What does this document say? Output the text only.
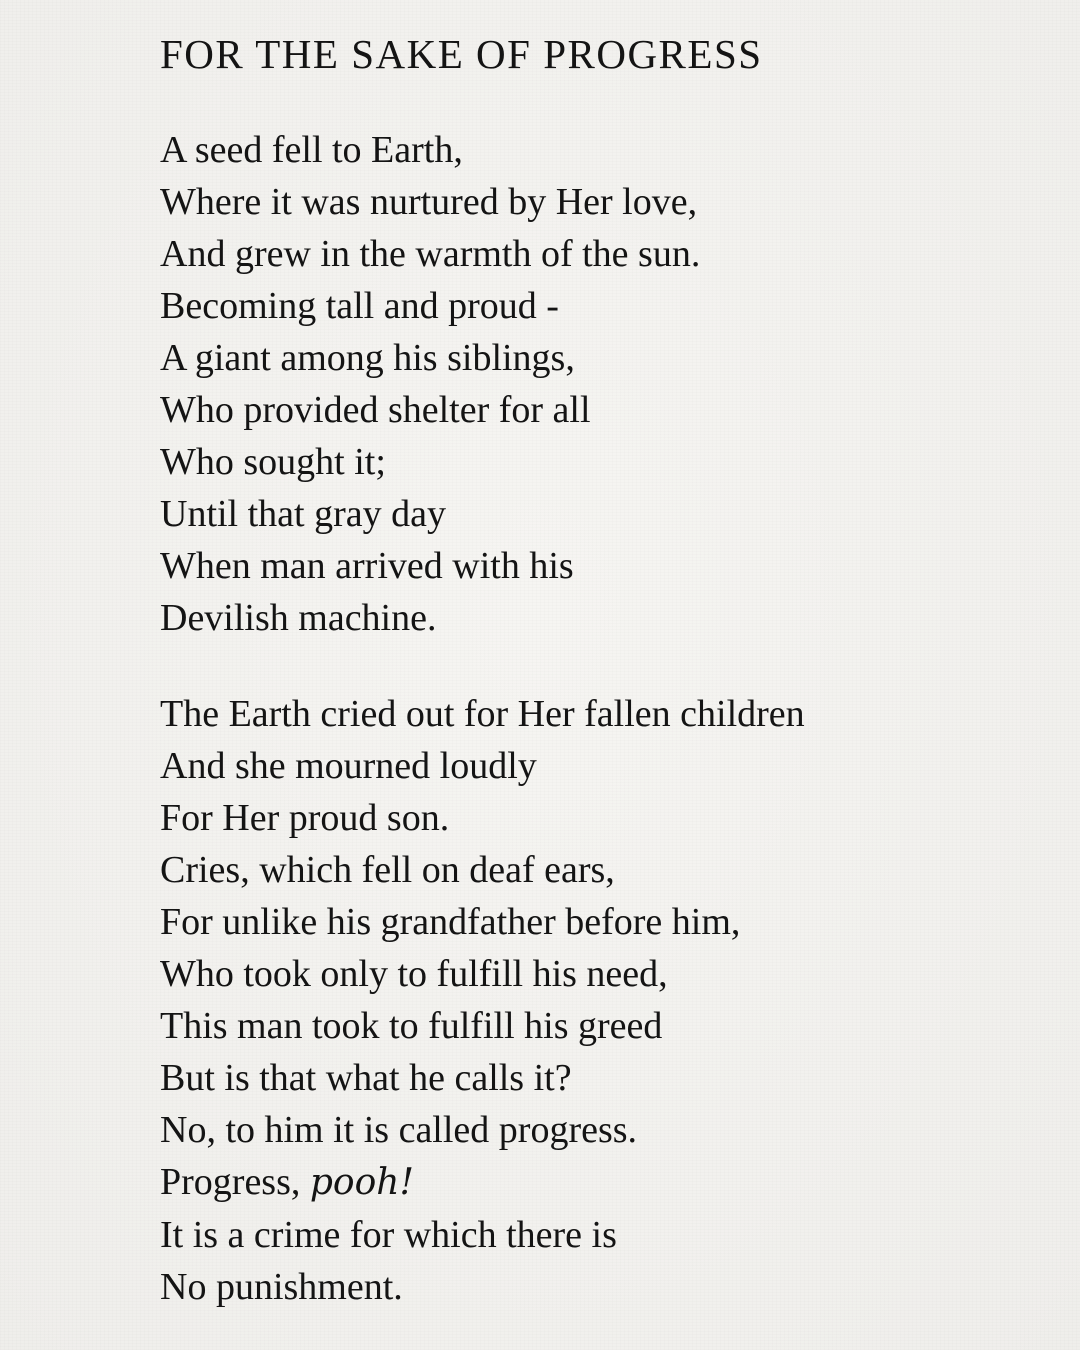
FOR THE SAKE OF PROGRESS
A seed fell to Earth,
Where it was nurtured by Her love,
And grew in the warmth of the sun.
Becoming tall and proud -
A giant among his siblings,
Who provided shelter for all
Who sought it;
Until that gray day
When man arrived with his
Devilish machine.
The Earth cried out for Her fallen children
And she mourned loudly
For Her proud son.
Cries, which fell on deaf ears,
For unlike his grandfather before him,
Who took only to fulfill his need,
This man took to fulfill his greed
But is that what he calls it?
No, to him it is called progress.
Progress, pooh!
It is a crime for which there is
No punishment.
